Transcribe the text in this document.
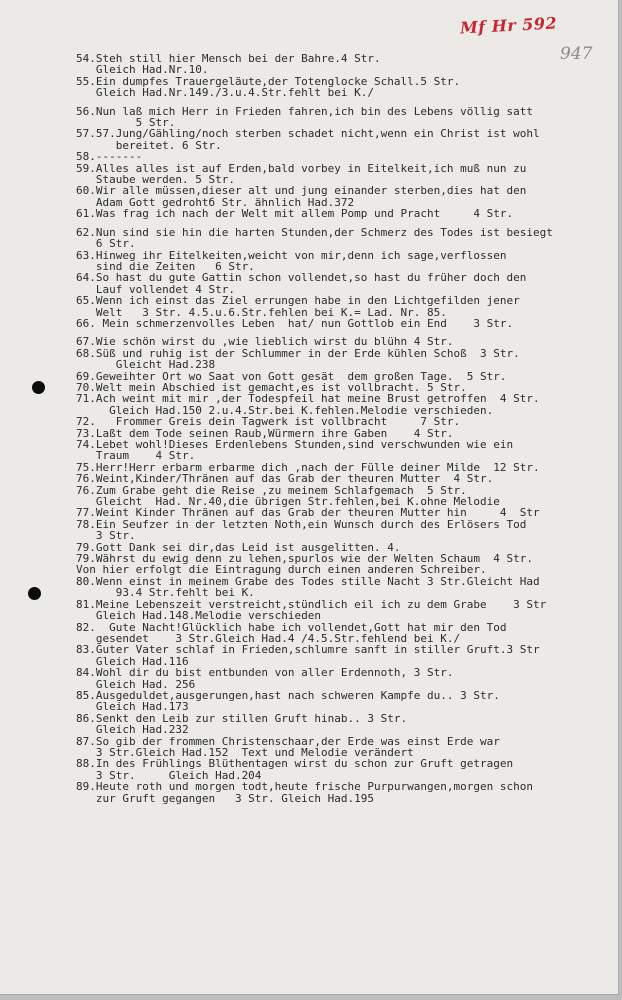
Mf Hr 592
947
54.Steh still hier Mensch bei der Bahre.4 Str.
Gleich Had.Nr.10.
55.Ein dumpfes Trauergeläute,der Totenglocke Schall.5 Str.
Gleich Had.Nr.149./3.u.4.Str.fehlt bei K./
56.Nun laß mich Herr in Frieden fahren,ich bin des Lebens völlig satt
5 Str.
57.57.Jung/Gähling/noch sterben schadet nicht,wenn ein Christ ist wohl
bereitet. 6 Str.
58.-------
59.Alles alles ist auf Erden,bald vorbey in Eitelkeit,ich muß nun zu
Staube werden. 5 Str.
60.Wir alle müssen,dieser alt und jung einander sterben,dies hat den
Adam Gott gedrohtб Str. ähnlich Had.372
61.Was frag ich nach der Welt mit allem Pomp und Pracht     4 Str.
62.Nun sind sie hin die harten Stunden,der Schmerz des Todes ist besiegt
6 Str.
63.Hinweg ihr Eitelkeiten,weicht von mir,denn ich sage,verflossen
sind die Zeiten   6 Str.
64.So hast du gute Gattin schon vollendet,so hast du früher doch den
Lauf vollendet 4 Str.
65.Wenn ich einst das Ziel errungen habe in den Lichtgefilden jener
Welt   3 Str. 4.5.u.6.Str.fehlen bei K.= Lad. Nr. 85.
66. Mein schmerzenvolles Leben  hat/ nun Gottlob ein End    3 Str.
67.Wie schön wirst du ,wie lieblich wirst du blühn 4 Str.
68.Süß und ruhig ist der Schlummer in der Erde kühlen Schoß  3 Str.
Gleicht Had.238
69.Geweihter Ort wo Saat von Gott gesät  dem großen Tage.  5 Str.
70.Welt mein Abschied ist gemacht,es ist vollbracht. 5 Str.
71.Ach weint mit mir ,der Todespfeil hat meine Brust getroffen  4 Str.
Gleich Had.150 2.u.4.Str.bei K.fehlen.Melodie verschieden.
72.   Frommer Greis dein Tagwerk ist vollbracht     7 Str.
73.Laßt dem Tode seinen Raub,Würmern ihre Gaben    4 Str.
74.Lebet wohl!Dieses Erdenlebens Stunden,sind verschwunden wie ein
Traum    4 Str.
75.Herr!Herr erbarm erbarme dich ,nach der Fülle deiner Milde  12 Str.
76.Weint,Kinder/Thränen auf das Grab der theuren Mutter  4 Str.
76.Zum Grabe geht die Reise ,zu meinem Schlafgemach  5 Str.
Gleicht  Had. Nr.40,die übrigen Str.fehlen,bei K.ohne Melodie
77.Weint Kinder Thränen auf das Grab der theuren Mutter hin     4  Str
78.Ein Seufzer in der letzten Noth,ein Wunsch durch des Erlösers Tod
3 Str.
79.Gott Dank sei dir,das Leid ist ausgelitten. 4.
79.Währst du ewig denn zu lehen,spurlos wie der Welten Schaum  4 Str.
Von hier erfolgt die Eintragung durch einen anderen Schreiber.
80.Wenn einst in meinem Grabe des Todes stille Nacht 3 Str.Gleicht Had
93.4 Str.fehlt bei K.
81.Meine Lebenszeit verstreicht,stündlich eil ich zu dem Grabe    3 Str
Gleich Had.148.Melodie verschieden
82.  Gute Nacht!Glücklich habe ich vollendet,Gott hat mir den Tod
gesendet    3 Str.Gleich Had.4 /4.5.Str.fehlend bei K./
83.Guter Vater schlaf in Frieden,schlumre sanft in stiller Gruft.3 Str
Gleich Had.116
84.Wohl dir du bist entbunden von aller Erdennoth, 3 Str.
Gleich Had. 256
85.Ausgeduldet,ausgerungen,hast nach schweren Kampfe du.. 3 Str.
Gleich Had.173
86.Senkt den Leib zur stillen Gruft hinab.. 3 Str.
Gleich Had.232
87.So gib der frommen Christenschaar,der Erde was einst Erde war
3 Str.Gleich Had.152  Text und Melodie verändert
88.In des Frühlings Blüthentagen wirst du schon zur Gruft getragen
3 Str.     Gleich Had.204
89.Heute roth und morgen todt,heute frische Purpurwangen,morgen schon
zur Gruft gegangen   3 Str. Gleich Had.195
